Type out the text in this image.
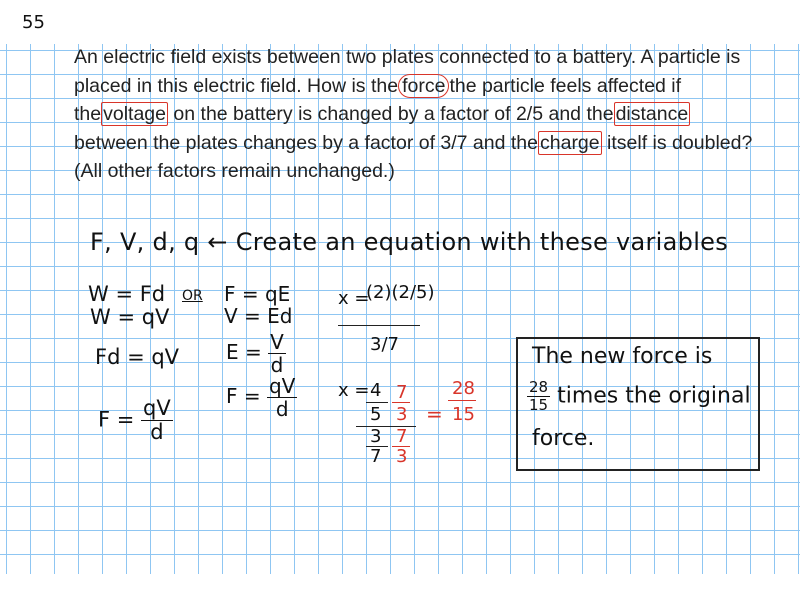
55
An electric field exists between two plates connected to a battery. A particle is placed in this electric field. How is the force the particle feels affected if the voltage on the battery is changed by a factor of 2/5 and the distance between the plates changes by a factor of 3/7 and the charge itself is doubled? (All other factors remain unchanged.)
F, V, d, q ← Create an equation with these variables
W = Fd
W = qV
OR
Fd = qV
$F = \frac{qV}{d}$
F = qE
V = Ed
$E = \frac{V}{d}$
$F = \frac{qV}{d}$
x =
(2)(2/5)
3/7
x = 4
5
3
7
7
3
7
3
=
28
15
The new force is
$\frac{28}{15}$ times the original
force.
